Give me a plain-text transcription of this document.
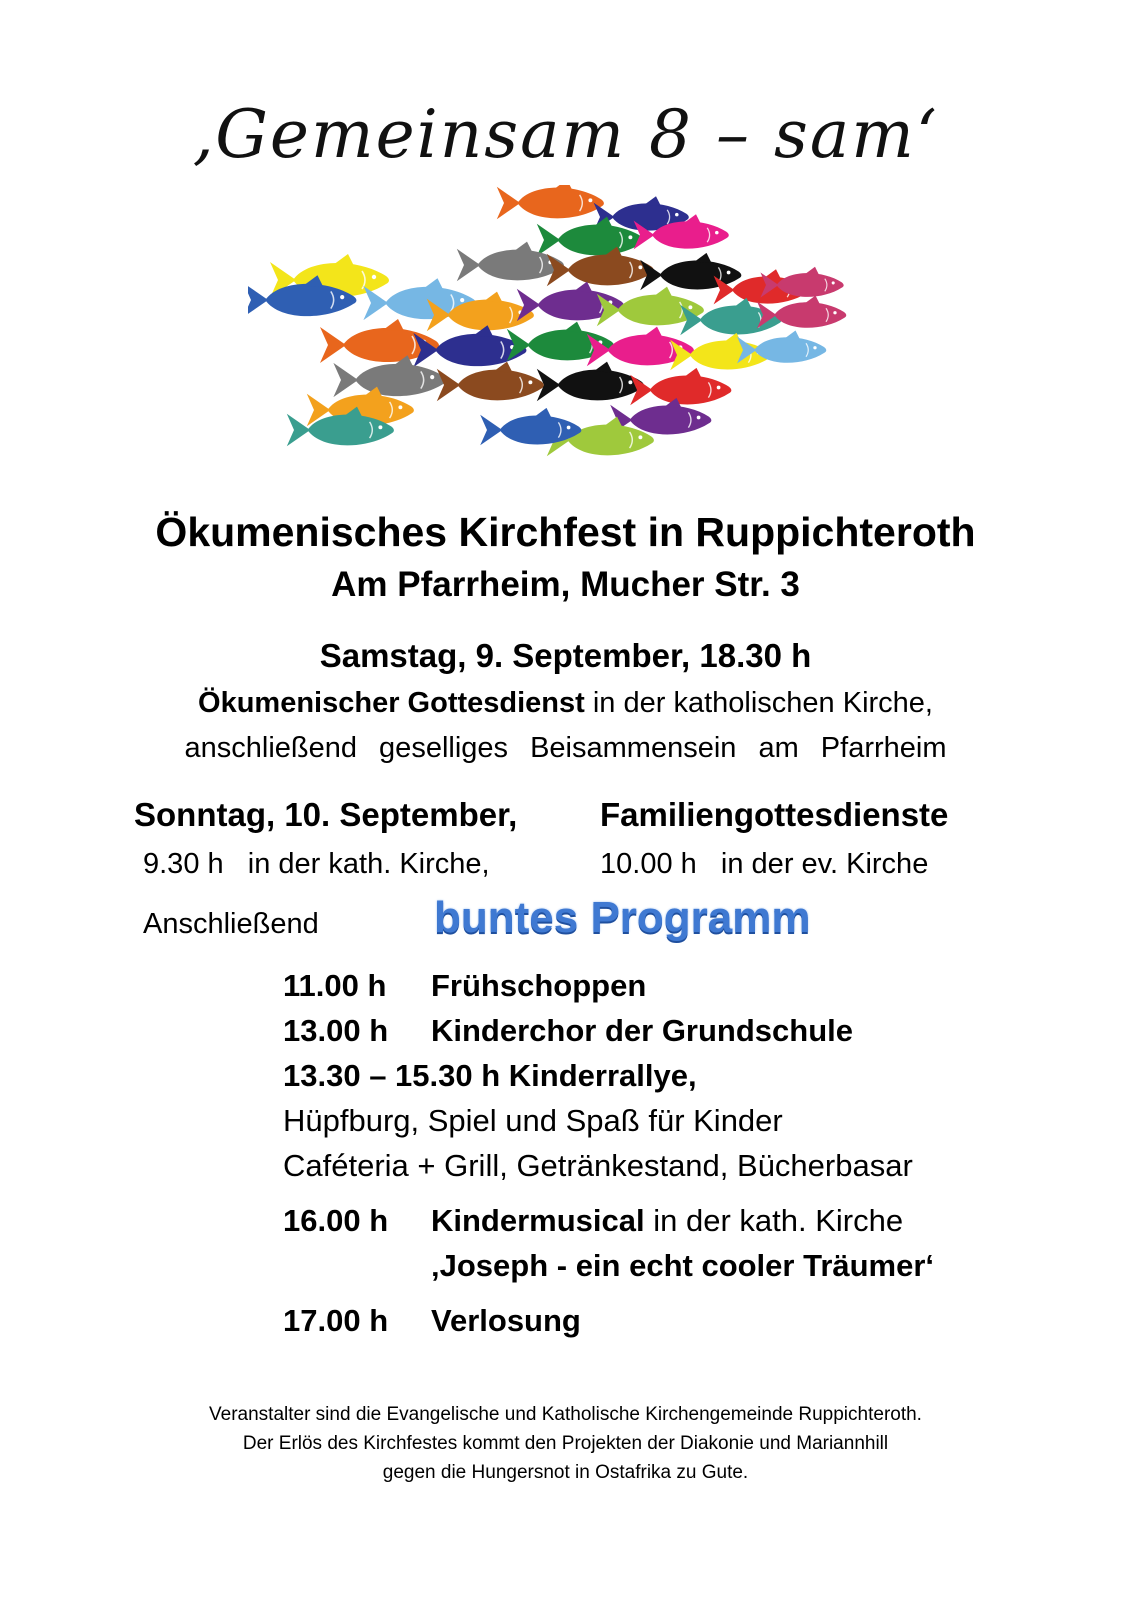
‚Gemeinsam 8 – sam‘
Ökumenisches Kirchfest in Ruppichteroth
Am Pfarrheim, Mucher Str. 3
Samstag, 9. September, 18.30 h
Ökumenischer Gottesdienst in der katholischen Kirche,
anschließend geselliges Beisammensein am Pfarrheim
Sonntag, 10. September,	Familiengottesdienste
9.30 h   in der kath. Kirche,	10.00 h   in der ev. Kirche
Anschließend	buntes Programm
11.00 h Frühschoppen
13.00 h Kinderchor der Grundschule
13.30 – 15.30 h Kinderrallye,
Hüpfburg, Spiel und Spaß für Kinder
Caféteria + Grill, Getränkestand, Bücherbasar
16.00 h Kindermusical in der kath. Kirche
‚Joseph - ein echt cooler Träumer‘
17.00 h Verlosung
Veranstalter sind die Evangelische und Katholische Kirchengemeinde Ruppichteroth.
Der Erlös des Kirchfestes kommt den Projekten der Diakonie und Mariannhill
gegen die Hungersnot in Ostafrika zu Gute.
